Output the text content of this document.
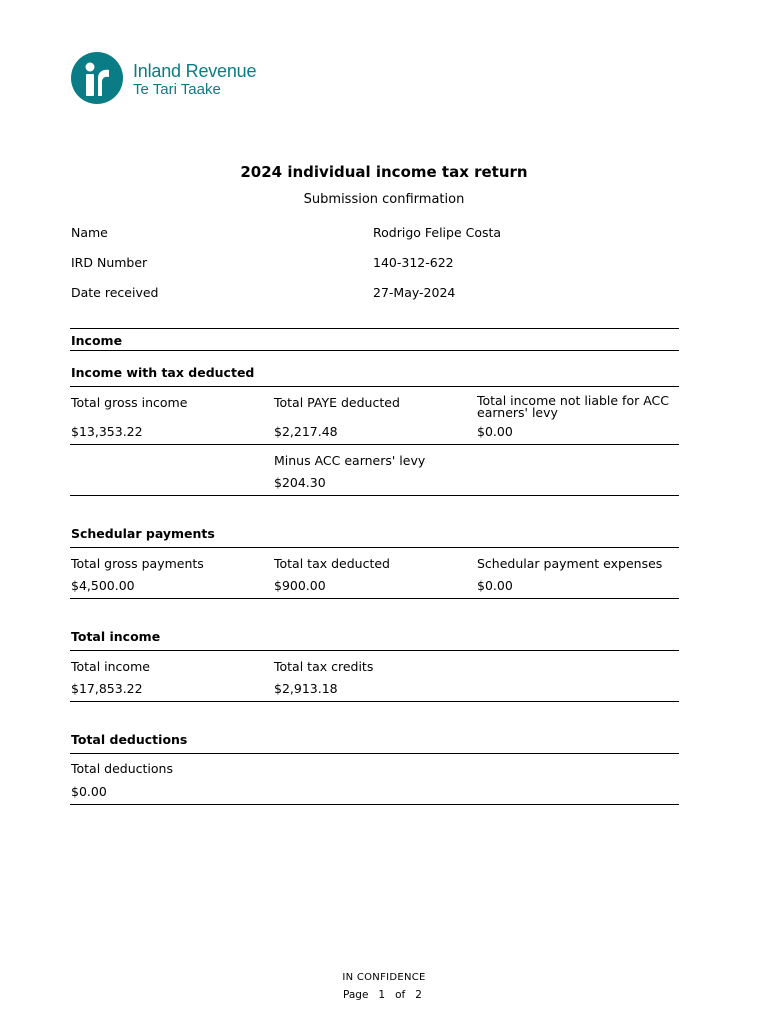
Inland Revenue
Te Tari Taake
2024 individual income tax return
Submission confirmation
Name	Rodrigo Felipe Costa
IRD Number	140-312-622
Date received	27-May-2024
Income
Income with tax deducted
Total gross income	Total PAYE deducted	Total income not liable for ACC earners' levy
$13,353.22	$2,217.48	$0.00
Minus ACC earners' levy
$204.30
Schedular payments
Total gross payments	Total tax deducted	Schedular payment expenses
$4,500.00	$900.00	$0.00
Total income
Total income	Total tax credits
$17,853.22	$2,913.18
Total deductions
Total deductions
$0.00
IN CONFIDENCE
Page 1 of 2
